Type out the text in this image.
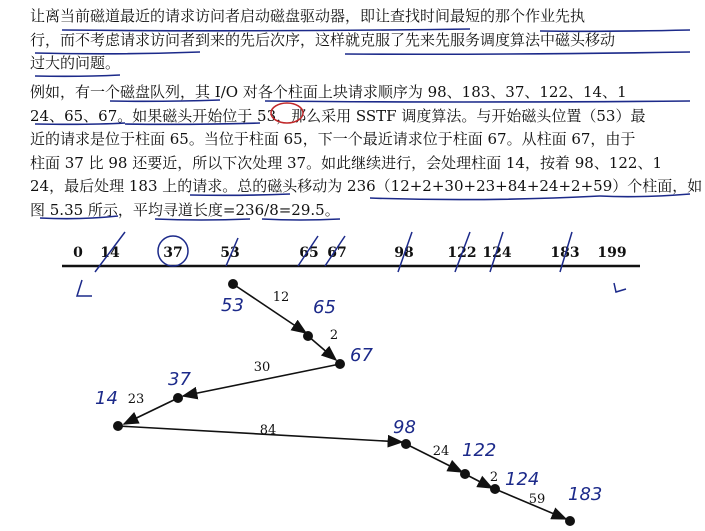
让离当前磁道最近的请求访问者启动磁盘驱动器，即让查找时间最短的那个作业先执
行，而不考虑请求访问者到来的先后次序，这样就克服了先来先服务调度算法中磁头移动
过大的问题。
例如，有一个磁盘队列，其 I/O 对各个柱面上块请求顺序为 98、183、37、122、14、1
24、65、67。如果磁头开始位于 53，那么采用 SSTF 调度算法。与开始磁头位置（53）最
近的请求是位于柱面 65。当位于柱面 65，下一个最近请求位于柱面 67。从柱面 67，由于
柱面 37 比 98 还要近，所以下次处理 37。如此继续进行，会处理柱面 14，按着 98、122、1
24，最后处理 183 上的请求。总的磁头移动为 236（12+2+30+23+84+24+2+59）个柱面，如
图 5.35 所示，平均寻道长度=236/8=29.5。
0 14	37	53	65 67	98 122 124	183 199
12
2
30
23
84
24
2
59
53	65
67
37
14
98
122
124
183
